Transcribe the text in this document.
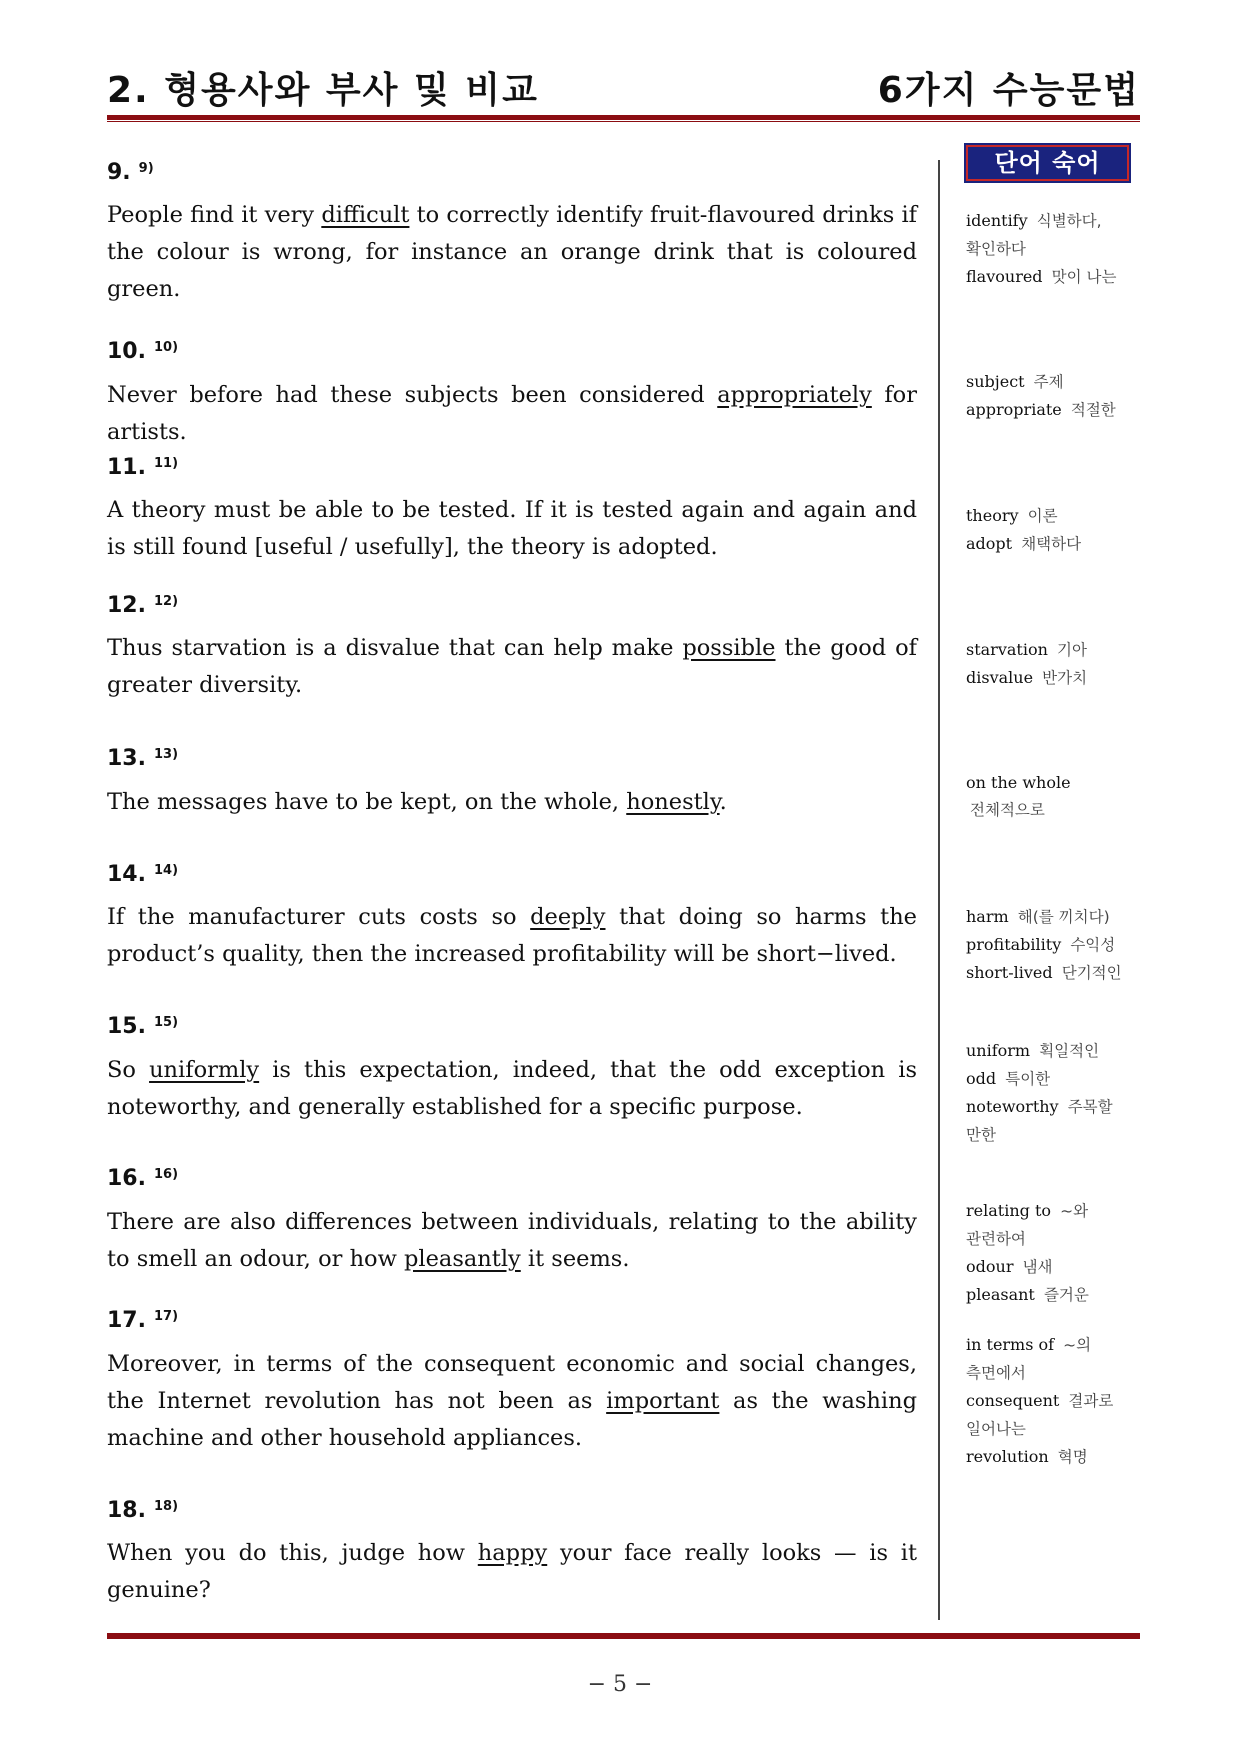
2. 형용사와 부사 및 비교	6가지 수능문법
단어 숙어
9. $^{9)}$
People find it very difficult to correctly identify fruit-flavoured drinks if the colour is wrong, for instance an orange drink that is coloured green.
10. $^{10)}$
Never before had these subjects been considered appropriately for artists.
11. $^{11)}$
A theory must be able to be tested. If it is tested again and again and is still found [useful / usefully], the theory is adopted.
12. $^{12)}$
Thus starvation is a disvalue that can help make possible the good of greater diversity.
13. $^{13)}$
The messages have to be kept, on the whole, honestly.
14. $^{14)}$
If the manufacturer cuts costs so deeply that doing so harms the product’s quality, then the increased profitability will be short−lived.
15. $^{15)}$
So uniformly is this expectation, indeed, that the odd exception is noteworthy, and generally established for a specific purpose.
16. $^{16)}$
There are also differences between individuals, relating to the ability to smell an odour, or how pleasantly it seems.
17. $^{17)}$
Moreover, in terms of the consequent economic and social changes, the Internet revolution has not been as important as the washing machine and other household appliances.
18. $^{18)}$
When you do this, judge how happy your face really looks — is it genuine?
identify 식별하다, 확인하다
flavoured 맛이 나는
subject 주제
appropriate 적절한
theory 이론
adopt 채택하다
starvation 기아
disvalue 반가치
on the whole 전체적으로
harm 해(를 끼치다)
profitability 수익성
short-lived 단기적인
uniform 획일적인
odd 특이한
noteworthy 주목할 만한
relating to ~와 관련하여
odour 냄새
pleasant 즐거운
in terms of ~의 측면에서
consequent 결과로 일어나는
revolution 혁명
− 5 −
